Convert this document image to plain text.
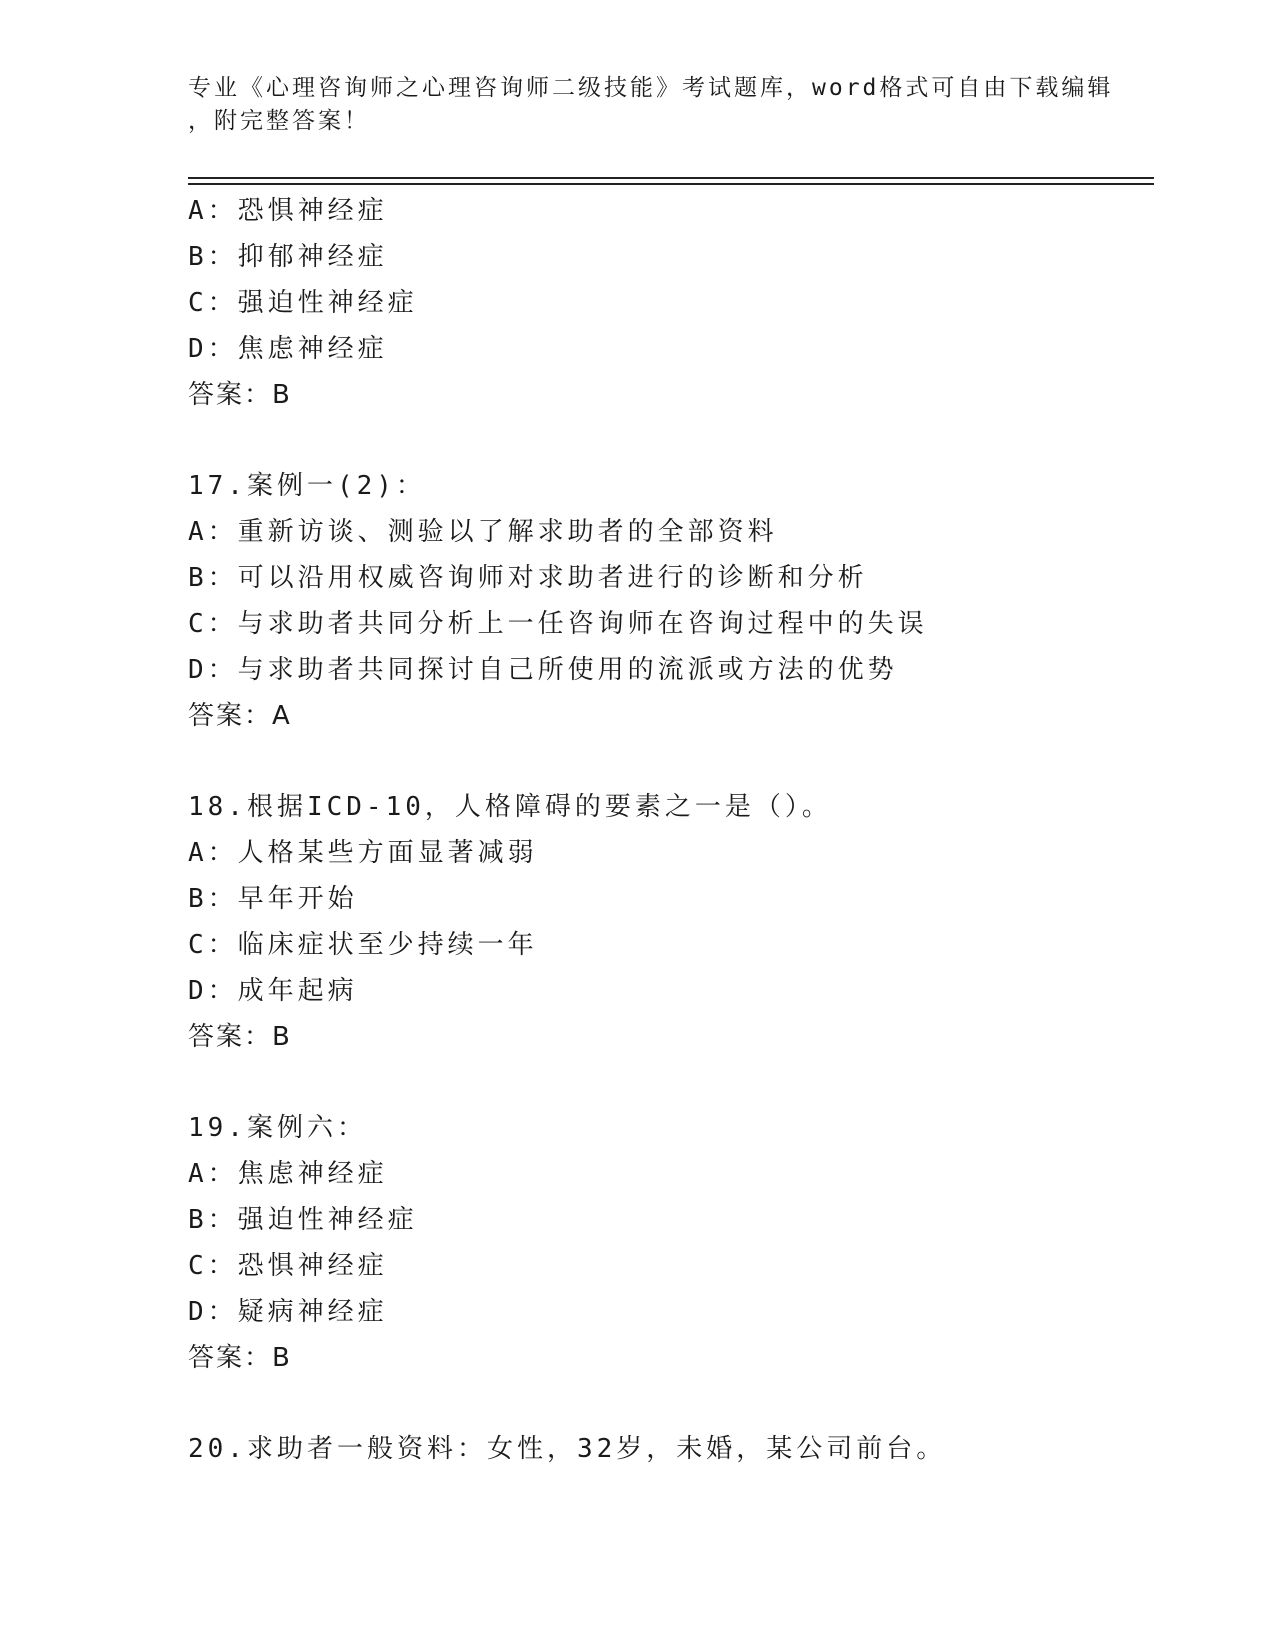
专业《心理咨询师之心理咨询师二级技能》考试题库，word格式可自由下载编辑
，附完整答案！
A：恐惧神经症
B：抑郁神经症
C：强迫性神经症
D：焦虑神经症
答案：B
17.案例一(2)：
A：重新访谈、测验以了解求助者的全部资料
B：可以沿用权威咨询师对求助者进行的诊断和分析
C：与求助者共同分析上一任咨询师在咨询过程中的失误
D：与求助者共同探讨自己所使用的流派或方法的优势
答案：A
18.根据ICD-10，人格障碍的要素之一是（）。
A：人格某些方面显著减弱
B：早年开始
C：临床症状至少持续一年
D：成年起病
答案：B
19.案例六：
A：焦虑神经症
B：强迫性神经症
C：恐惧神经症
D：疑病神经症
答案：B
20.求助者一般资料：女性，32岁，未婚，某公司前台。
